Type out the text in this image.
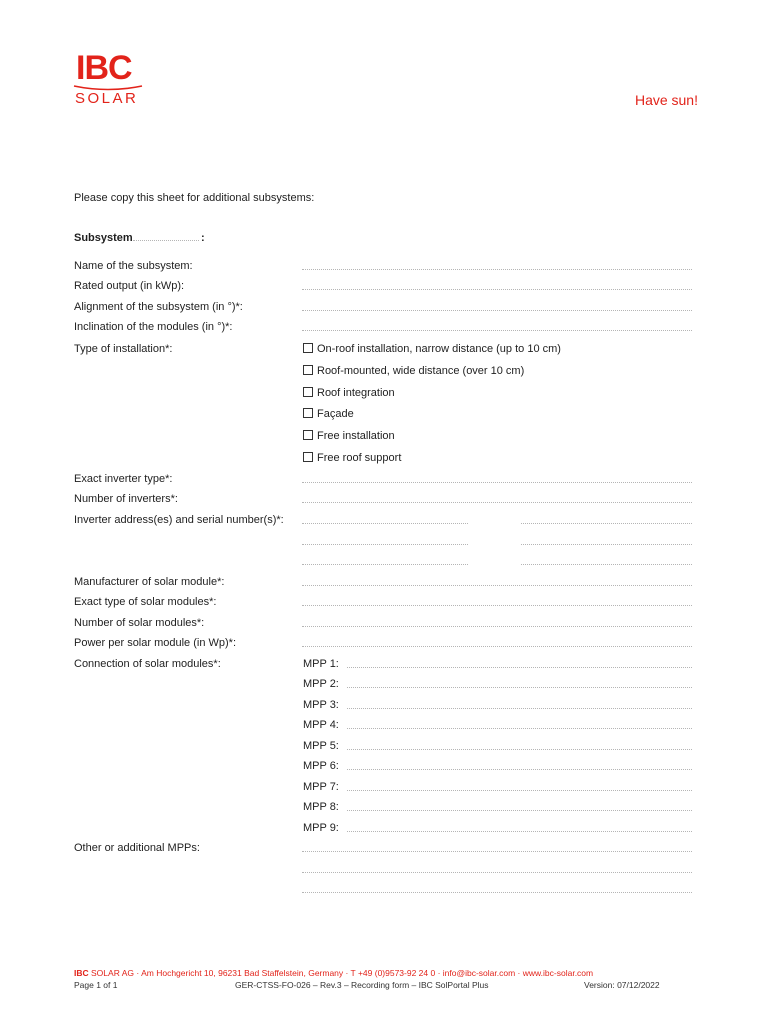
IBC
SOLAR	Have sun!
Please copy this sheet for additional subsystems:
Subsystem	:
Name of the subsystem:
Rated output (in kWp):
Alignment of the subsystem (in °)*:
Inclination of the modules (in °)*:
Type of installation*:	On-roof installation, narrow distance (up to 10 cm)
Roof-mounted, wide distance (over 10 cm)
Roof integration
Façade
Free installation
Free roof support
Exact inverter type*:
Number of inverters*:
Inverter address(es) and serial number(s)*:
Manufacturer of solar module*:
Exact type of solar modules*:
Number of solar modules*:
Power per solar module (in Wp)*:
Connection of solar modules*:	MPP 1:
MPP 2:
MPP 3:
MPP 4:
MPP 5:
MPP 6:
MPP 7:
MPP 8:
MPP 9:
Other or additional MPPs:
IBC SOLAR AG · Am Hochgericht 10, 96231 Bad Staffelstein, Germany · T +49 (0)9573-92 24 0 · info@ibc-solar.com · www.ibc-solar.com
Page 1 of 1	GER-CTSS-FO-026 – Rev.3 – Recording form – IBC SolPortal Plus	Version: 07/12/2022
